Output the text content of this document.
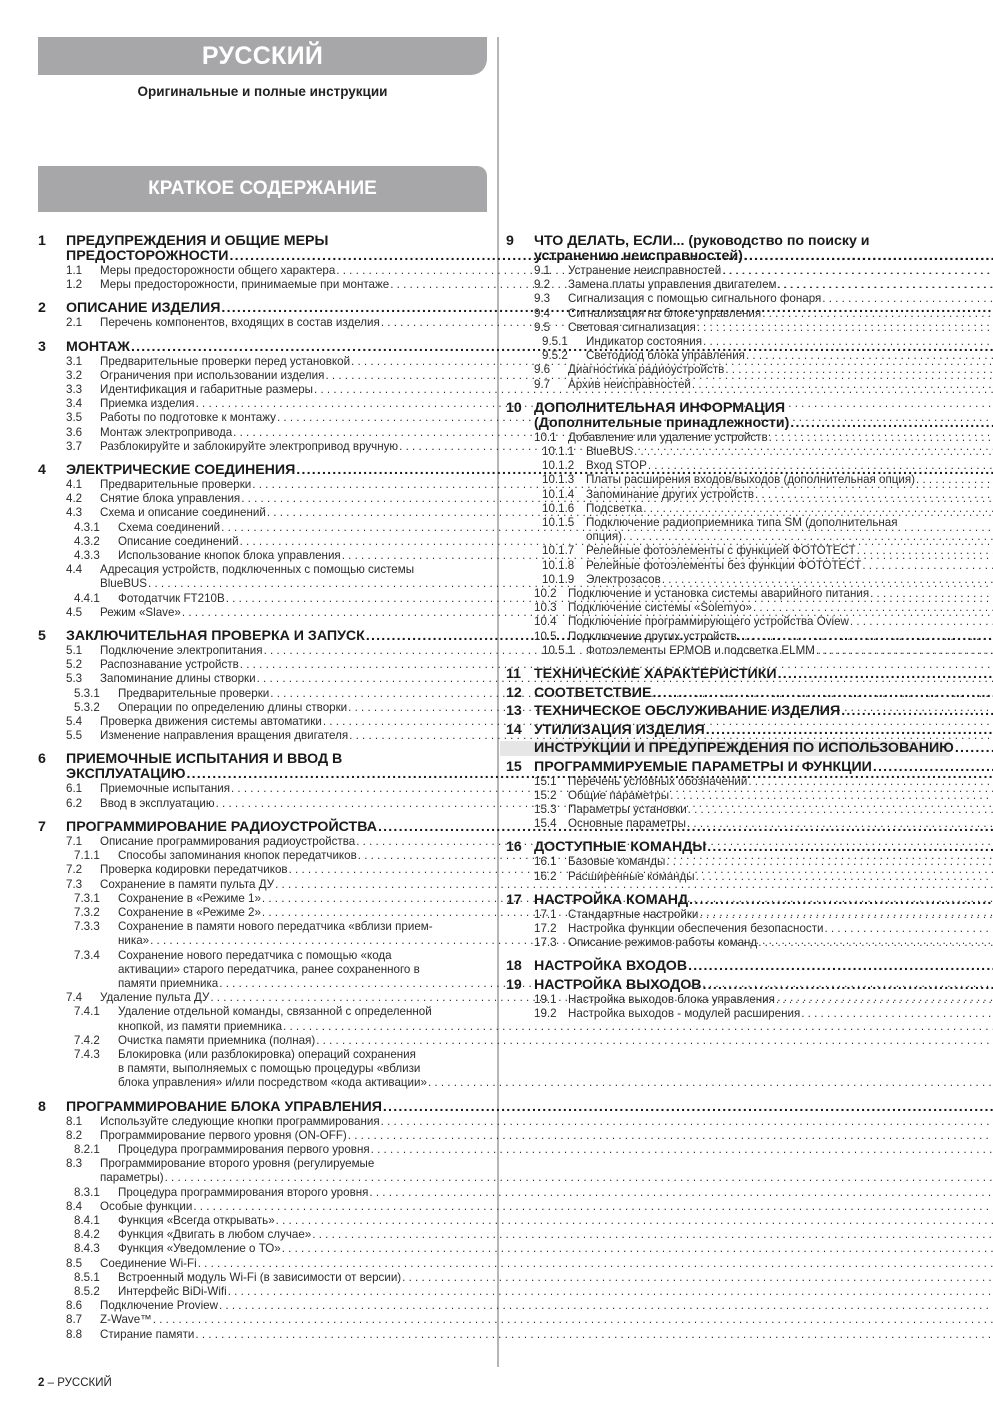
РУССКИЙ
Оригинальные и полные инструкции
КРАТКОЕ СОДЕРЖАНИЕ
1	ПРЕДУПРЕЖДЕНИЯ И ОБЩИЕ МЕРЫ
ПРЕДОСТОРОЖНОСТИ
.....
1.1	Меры предосторожности общего характера
. . .
1.2	Меры предосторожности, принимаемые при монтаже
. . .
2	ОПИСАНИЕ ИЗДЕЛИЯ
.....
2.1	Перечень компонентов, входящих в состав изделия
. . .
3	МОНТАЖ
.....
3.1	Предварительные проверки перед установкой
. . .
3.2	Ограничения при использовании изделия
. . .
3.3	Идентификация и габаритные размеры
. . .
3.4	Приемка изделия
. . .
3.5	Работы по подготовке к монтажу
. . .
3.6	Монтаж электропривода
. . .
3.7	Разблокируйте и заблокируйте электропривод вручную
. . .
4	ЭЛЕКТРИЧЕСКИЕ СОЕДИНЕНИЯ
.....
4.1	Предварительные проверки
. . .
4.2	Снятие блока управления
. . .
4.3	Схема и описание соединений
. . .
4.3.1	Схема соединений
. . .
4.3.2	Описание соединений
. . .
4.3.3	Использование кнопок блока управления
. . .
4.4	Адресация устройств, подключенных с помощью системы
BlueBUS
. . .
4.4.1	Фотодатчик FT210B
. . .
4.5	Режим «Slave»
. . .
5	ЗАКЛЮЧИТЕЛЬНАЯ ПРОВЕРКА И ЗАПУСК
.....
5.1	Подключение электропитания
. . .
5.2	Распознавание устройств
. . .
5.3	Запоминание длины створки
. . .
5.3.1	Предварительные проверки
. . .
5.3.2	Операции по определению длины створки
. . .
5.4	Проверка движения системы автоматики
. . .
5.5	Изменение направления вращения двигателя
. . .
6	ПРИЕМОЧНЫЕ ИСПЫТАНИЯ И ВВОД В
ЭКСПЛУАТАЦИЮ
.....
6.1	Приемочные испытания
. . .
6.2	Ввод в эксплуатацию
. . .
7	ПРОГРАММИРОВАНИЕ РАДИОУСТРОЙСТВА
.....
7.1	Описание программирования радиоустройства
. . .
7.1.1	Способы запоминания кнопок передатчиков
. . .
7.2	Проверка кодировки передатчиков
. . .
7.3	Сохранение в памяти пульта ДУ
. . .
7.3.1	Сохранение в «Режиме 1»
. . .
7.3.2	Сохранение в «Режиме 2»
. . .
7.3.3	Сохранение в памяти нового передатчика «вблизи прием-
ника»
. . .
7.3.4	Сохранение нового передатчика с помощью «кода
активации» старого передатчика, ранее сохраненного в
памяти приемника
. . .
7.4	Удаление пульта ДУ
. . .
7.4.1	Удаление отдельной команды, связанной с определенной
кнопкой, из памяти приемника
. . .
7.4.2	Очистка памяти приемника (полная)
. . .
7.4.3	Блокировка (или разблокировка) операций сохранения
в памяти, выполняемых с помощью процедуры «вблизи
блока управления» и/или посредством «кода активации»
. . .
8	ПРОГРАММИРОВАНИЕ БЛОКА УПРАВЛЕНИЯ
.....
8.1	Используйте следующие кнопки программирования
. . .
8.2	Программирование первого уровня (ON-OFF)
. . .
8.2.1	Процедура программирования первого уровня
. . .
8.3	Программирование второго уровня (регулируемые
параметры)
. . .
8.3.1	Процедура программирования второго уровня
. . .
8.4	Особые функции
. . .
8.4.1	Функция «Всегда открывать»
. . .
8.4.2	Функция «Двигать в любом случае»
. . .
8.4.3	Функция «Уведомление о ТО»
. . .
8.5	Соединение Wi-Fi
. . .
8.5.1	Встроенный модуль Wi-Fi (в зависимости от версии)
. . .
8.5.2	Интерфейс BiDi-Wifi
. . .
8.6	Подключение Proview
. . .
8.7	Z-Wave™
. . .
8.8	Стирание памяти
. . .
9	ЧТО ДЕЛАТЬ, ЕСЛИ... (руководство по поиску и
устранению неисправностей)
.....
9.1	Устранение неисправностей
. . .
9.2	Замена платы управления двигателем
. . .
9.3	Сигнализация с помощью сигнального фонаря
. . .
9.4	Сигнализация на блоке управления
. . .
9.5	Световая сигнализация
. . .
9.5.1	Индикатор состояния
. . .
9.5.2	Светодиод блока управления
. . .
9.6	Диагностика радиоустройств
. . .
9.7	Архив неисправностей
. . .
10 ДОПОЛНИТЕЛЬНАЯ ИНФОРМАЦИЯ
(Дополнительные принадлежности)
.....
10.1 Добавление или удаление устройств
. . .
10.1.1	BlueBUS
. . .
10.1.2	Вход STOP
. . .
10.1.3	Платы расширения входов/выходов (дополнительная опция)
. . .
10.1.4	Запоминание других устройств
. . .
10.1.6	Подсветка
. . .
10.1.5	Подключение радиоприемника типа SM (дополнительная
опция)
. . .
10.1.7	Релейные фотоэлементы с функцией ФОТОТЕСТ
. . .
10.1.8	Релейные фотоэлементы без функции ФОТОТЕСТ
. . .
10.1.9	Электрозасов
. . .
10.2 Подключение и установка системы аварийного питания
. . .
10.3 Подключение системы «Solemyo»
. . .
10.4 Подключение программирующего устройства Oview
. . .
10.5 Подключение других устройств
. . .
10.5.1	Фотоэлементы EPMOB и подсветка ELMM
. . .
11 ТЕХНИЧЕСКИЕ ХАРАКТЕРИСТИКИ
.....
12 СООТВЕТСТВИЕ
.....
13 ТЕХНИЧЕСКОЕ ОБСЛУЖИВАНИЕ ИЗДЕЛИЯ
.....
14 УТИЛИЗАЦИЯ ИЗДЕЛИЯ
.....
ИНСТРУКЦИИ И ПРЕДУПРЕЖДЕНИЯ ПО ИСПОЛЬЗОВАНИЮ
.....
15 ПРОГРАММИРУЕМЫЕ ПАРАМЕТРЫ И ФУНКЦИИ
.....
15.1 Перечень условных обозначений
. . .
15.2 Общие параметры
. . .
15.3 Параметры установки
. . .
15.4 Основные параметры
. . .
16 ДОСТУПНЫЕ КОМАНДЫ
.....
16.1 Базовые команды
. . .
16.2 Расширенные команды
. . .
17 НАСТРОЙКА КОМАНД
.....
17.1 Стандартные настройки
. . .
17.2 Настройка функции обеспечения безопасности
. . .
17.3 Описание режимов работы команд
. . .
18 НАСТРОЙКА ВХОДОВ
.....
19 НАСТРОЙКА ВЫХОДОВ
.....
19.1 Настройка выходов блока управления
. . .
19.2 Настройка выходов - модулей расширения
. . .
2 – РУССКИЙ
